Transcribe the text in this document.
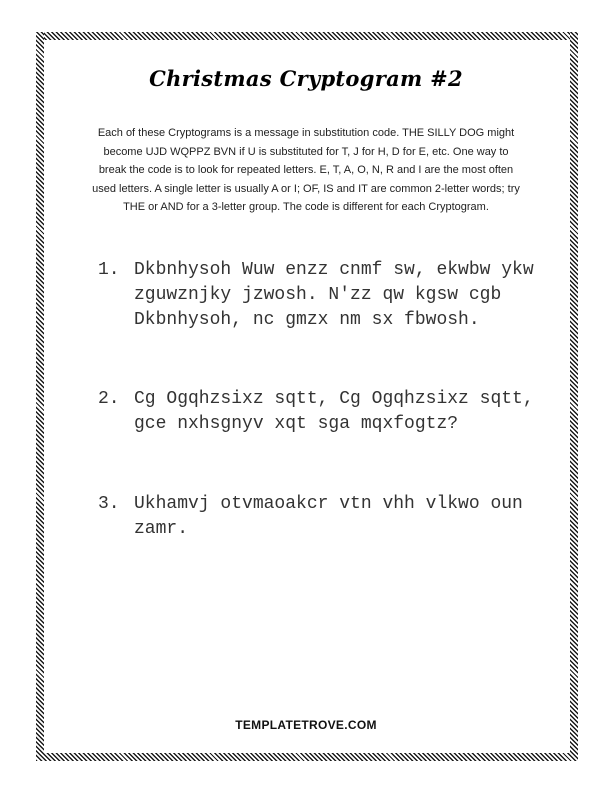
Christmas Cryptogram #2
Each of these Cryptograms is a message in substitution code. THE SILLY DOG might become UJD WQPPZ BVN if U is substituted for T, J for H, D for E, etc. One way to break the code is to look for repeated letters. E, T, A, O, N, R and I are the most often used letters. A single letter is usually A or I; OF, IS and IT are common 2-letter words; try THE or AND for a 3-letter group. The code is different for each Cryptogram.
1. Dkbnhysoh Wuw enzz cnmf sw, ekwbw ykw zguwznjky jzwosh. N'zz qw kgsw cgb Dkbnhysoh, nc gmzx nm sx fbwosh.
2. Cg Ogqhzsixz sqtt, Cg Ogqhzsixz sqtt, gce nxhsgnyv xqt sga mqxfogtz?
3. Ukhamvj otvmaoakcr vtn vhh vlkwo oun zamr.
TEMPLATETROVE.COM
